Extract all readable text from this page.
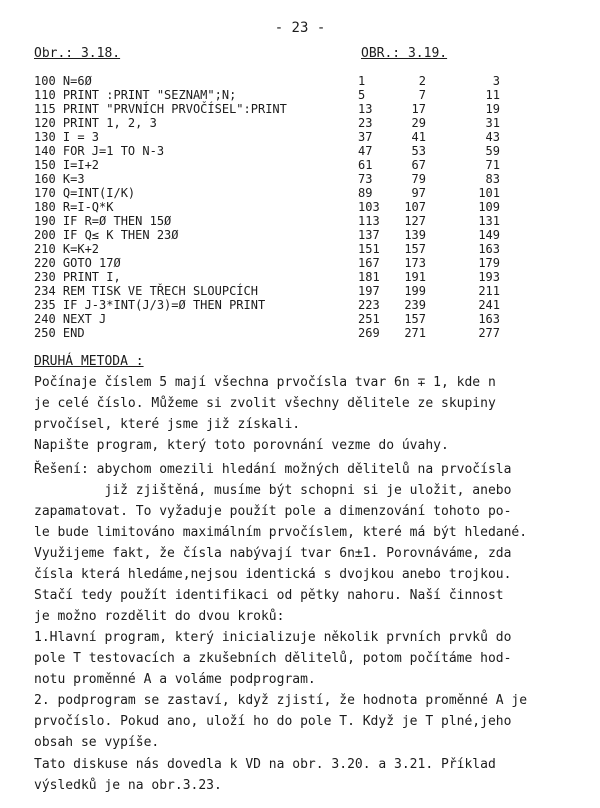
- 23 -
Obr.: 3.18.	OBR.: 3.19.
100 N=6Ø
110 PRINT :PRINT "SEZNAM";N;
115 PRINT "PRVNÍCH PRVOČÍSEL":PRINT
120 PRINT 1, 2, 3
130 I = 3
140 FOR J=1 TO N-3
150 I=I+2
160 K=3
170 Q=INT(I/K)
180 R=I-Q*K
190 IF R=Ø THEN 15Ø
200 IF Q≤ K THEN 23Ø
210 K=K+2
220 GOTO 17Ø
230 PRINT I,
234 REM TISK VE TŘECH SLOUPCÍCH
235 IF J-3*INT(J/3)=Ø THEN PRINT
240 NEXT J
250 END
1	2	3
5	7	11
13	17	19
23	29	31
37	41	43
47	53	59
61	67	71
73	79	83
89	97	101
103	107	109
113	127	131
137	139	149
151	157	163
167	173	179
181	191	193
197	199	211
223	239	241
251	157	163
269	271	277
DRUHÁ METODA :
Počínaje číslem 5 mají všechna prvočísla tvar 6n ∓ 1, kde n
je celé číslo. Můžeme si zvolit všechny dělitele ze skupiny
prvočísel, které jsme již získali.
Napište program, který toto porovnání vezme do úvahy.
Řešení: abychom omezili hledání možných dělitelů na prvočísla
již zjištěná, musíme být schopni si je uložit, anebo
zapamatovat. To vyžaduje použít pole a dimenzování tohoto po-
le bude limitováno maximálním prvočíslem, které má být hledané.
Využijeme fakt, že čísla nabývají tvar 6n±1. Porovnáváme, zda
čísla která hledáme,nejsou identická s dvojkou anebo trojkou.
Stačí tedy použít identifikaci od pětky nahoru. Naší činnost
je možno rozdělit do dvou kroků:
1.Hlavní program, který inicializuje několik prvních prvků do
pole T testovacích a zkušebních dělitelů, potom počítáme hod-
notu proměnné A a voláme podprogram.
2. podprogram se zastaví, když zjistí, že hodnota proměnné A je
prvočíslo. Pokud ano, uloží ho do pole T. Když je T plné,jeho
obsah se vypíše.
Tato diskuse nás dovedla k VD na obr. 3.20. a 3.21. Příklad
výsledků je na obr.3.23.
